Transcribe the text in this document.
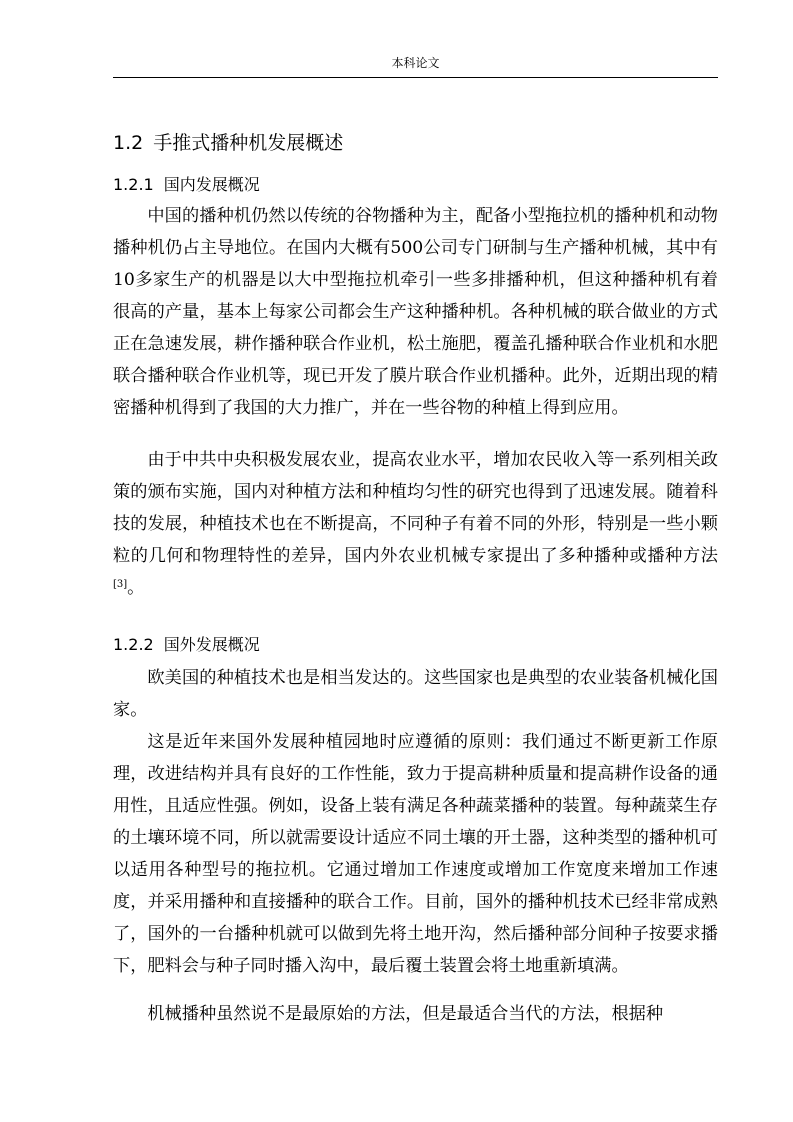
本科论文
1.2 手推式播种机发展概述
1.2.1 国内发展概况

中国的播种机仍然以传统的谷物播种为主，配备小型拖拉机的播种机和动物播种机仍占主导地位。在国内大概有500公司专门研制与生产播种机械，其中有10多家生产的机器是以大中型拖拉机牵引一些多排播种机，但这种播种机有着很高的产量，基本上每家公司都会生产这种播种机。各种机械的联合做业的方式正在急速发展，耕作播种联合作业机，松土施肥，覆盖孔播种联合作业机和水肥联合播种联合作业机等，现已开发了膜片联合作业机播种。此外，近期出现的精密播种机得到了我国的大力推广，并在一些谷物的种植上得到应用。

由于中共中央积极发展农业，提高农业水平，增加农民收入等一系列相关政策的颁布实施，国内对种植方法和种植均匀性的研究也得到了迅速发展。随着科技的发展，种植技术也在不断提高，不同种子有着不同的外形，特别是一些小颗粒的几何和物理特性的差异，国内外农业机械专家提出了多种播种或播种方法[3]。

1.2.2 国外发展概况

欧美国的种植技术也是相当发达的。这些国家也是典型的农业装备机械化国家。

这是近年来国外发展种植园地时应遵循的原则：我们通过不断更新工作原理，改进结构并具有良好的工作性能，致力于提高耕种质量和提高耕作设备的通用性，且适应性强。例如，设备上装有满足各种蔬菜播种的装置。每种蔬菜生存的土壤环境不同，所以就需要设计适应不同土壤的开土器，这种类型的播种机可以适用各种型号的拖拉机。它通过增加工作速度或增加工作宽度来增加工作速度，并采用播种和直接播种的联合工作。目前，国外的播种机技术已经非常成熟了，国外的一台播种机就可以做到先将土地开沟，然后播种部分间种子按要求播下，肥料会与种子同时播入沟中，最后覆土装置会将土地重新填满。

机械播种虽然说不是最原始的方法，但是最适合当代的方法，根据种
